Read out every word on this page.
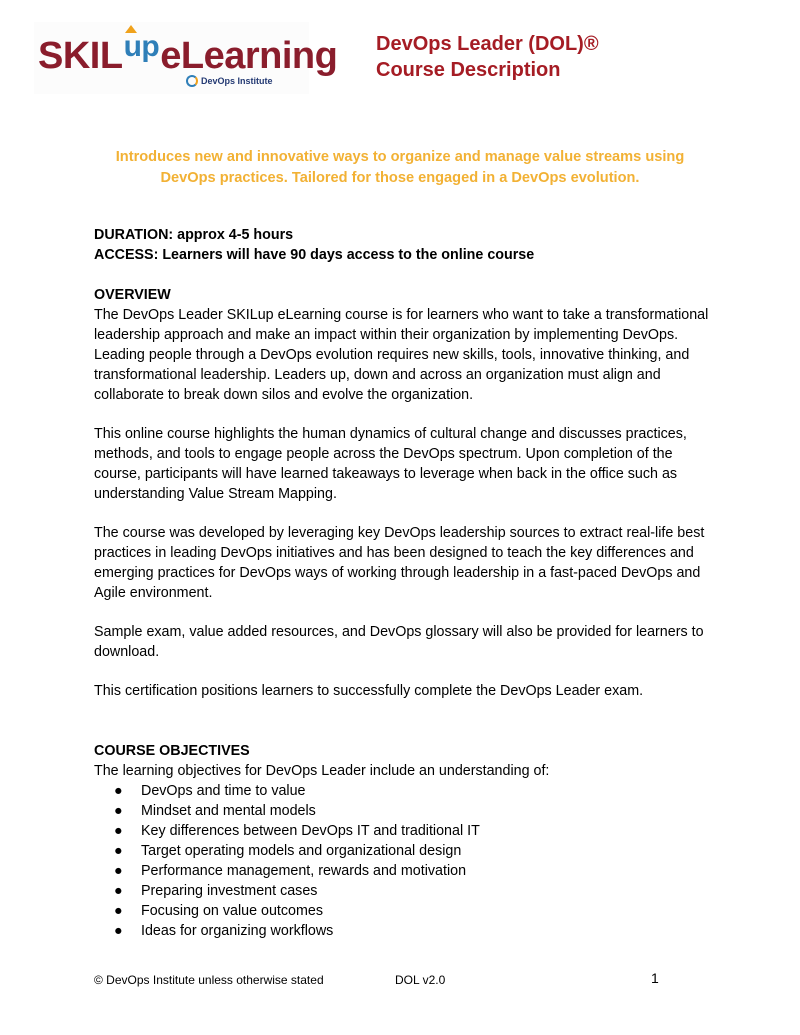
$SKIL^{up}eLearning$
DevOps Institute
DevOps Leader (DOL)®
Course Description
Introduces new and innovative ways to organize and manage value streams using
DevOps practices. Tailored for those engaged in a DevOps evolution.
DURATION: approx 4-5 hours
ACCESS: Learners will have 90 days access to the online course
OVERVIEW

The DevOps Leader SKILup eLearning course is for learners who want to take a transformational leadership approach and make an impact within their organization by implementing DevOps. Leading people through a DevOps evolution requires new skills, tools, innovative thinking, and transformational leadership. Leaders up, down and across an organization must align and collaborate to break down silos and evolve the organization.

This online course highlights the human dynamics of cultural change and discusses practices, methods, and tools to engage people across the DevOps spectrum. Upon completion of the course, participants will have learned takeaways to leverage when back in the office such as understanding Value Stream Mapping.

The course was developed by leveraging key DevOps leadership sources to extract real-life best practices in leading DevOps initiatives and has been designed to teach the key differences and emerging practices for DevOps ways of working through leadership in a fast-paced DevOps and Agile environment.

Sample exam, value added resources, and DevOps glossary will also be provided for learners to download.

This certification positions learners to successfully complete the DevOps Leader exam.

COURSE OBJECTIVES
The learning objectives for DevOps Leader include an understanding of:
● DevOps and time to value
● Mindset and mental models
● Key differences between DevOps IT and traditional IT
● Target operating models and organizational design
● Performance management, rewards and motivation
● Preparing investment cases
● Focusing on value outcomes
● Ideas for organizing workflows
© DevOps Institute unless otherwise stated	DOL v2.0	1
